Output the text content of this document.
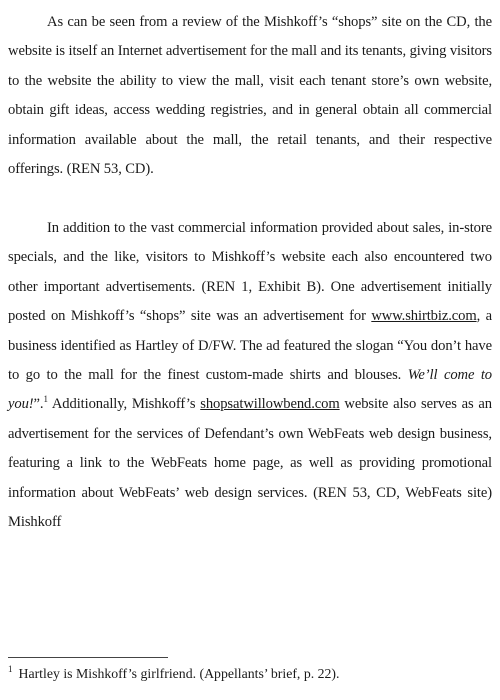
As can be seen from a review of the Mishkoff’s “shops” site on the CD, the website is itself an Internet advertisement for the mall and its tenants, giving visitors to the website the ability to view the mall, visit each tenant store’s own website, obtain gift ideas, access wedding registries, and in general obtain all commercial information available about the mall, the retail tenants, and their respective offerings. (REN 53, CD).

In addition to the vast commercial information provided about sales, in-store specials, and the like, visitors to Mishkoff’s website each also encountered two other important advertisements. (REN 1, Exhibit B). One advertisement initially posted on Mishkoff’s “shops” site was an advertisement for www.shirtbiz.com, a business identified as Hartley of D/FW. The ad featured the slogan “You don’t have to go to the mall for the finest custom-made shirts and blouses. We’ll come to you!”.$^1$ Additionally, Mishkoff’s shopsatwillowbend.com website also serves as an advertisement for the services of Defendant’s own WebFeats web design business, featuring a link to the WebFeats home page, as well as providing promotional information about WebFeats’ web design services. (REN 53, CD, WebFeats site) Mishkoff

$^1$ Hartley is Mishkoff’s girlfriend. (Appellants’ brief, p. 22).
